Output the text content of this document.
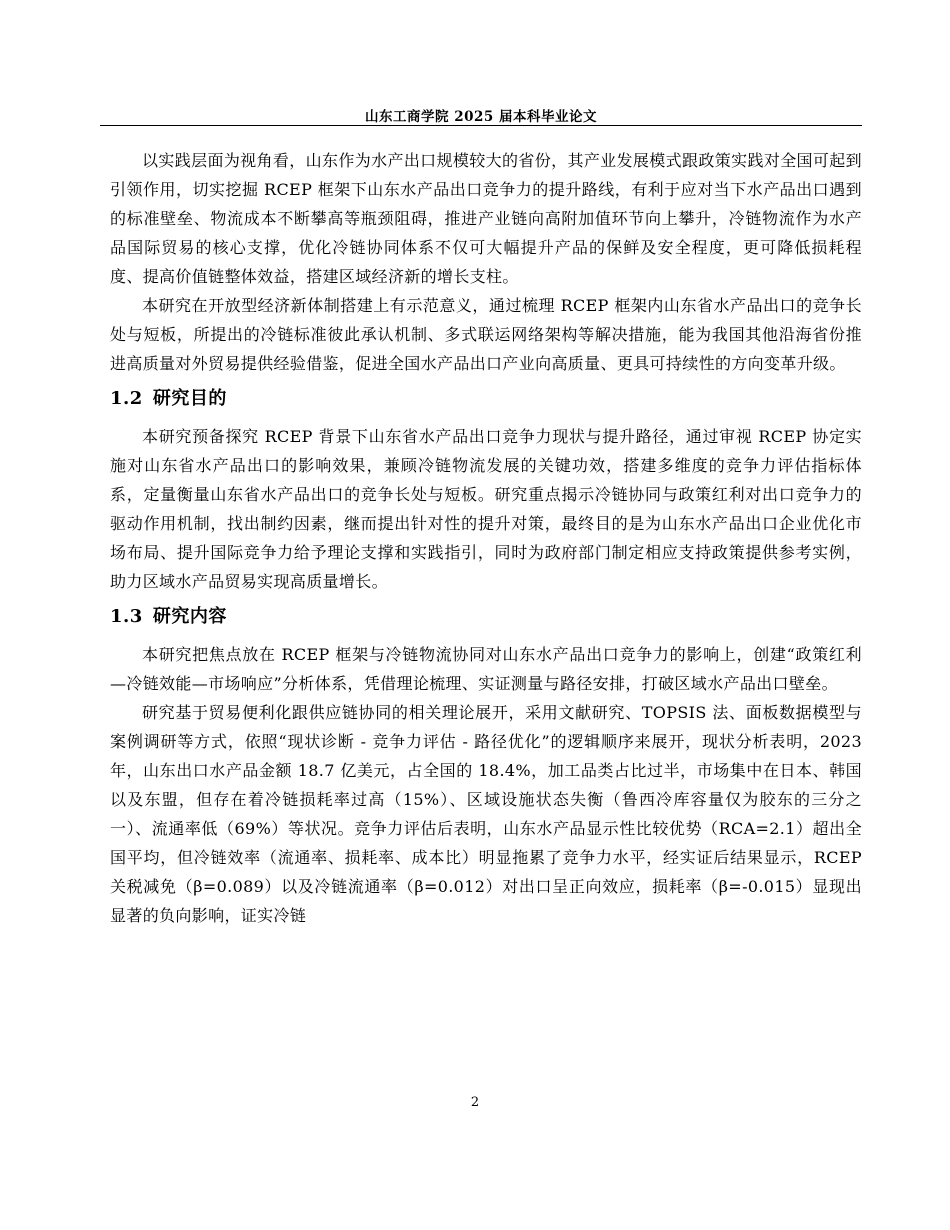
山东工商学院 2025 届本科毕业论文

以实践层面为视角看，山东作为水产出口规模较大的省份，其产业发展模式跟政策实践对全国可起到引领作用，切实挖掘 RCEP 框架下山东水产品出口竞争力的提升路线，有利于应对当下水产品出口遇到的标准壁垒、物流成本不断攀高等瓶颈阻碍，推进产业链向高附加值环节向上攀升，冷链物流作为水产品国际贸易的核心支撑，优化冷链协同体系不仅可大幅提升产品的保鲜及安全程度，更可降低损耗程度、提高价值链整体效益，搭建区域经济新的增长支柱。

本研究在开放型经济新体制搭建上有示范意义，通过梳理 RCEP 框架内山东省水产品出口的竞争长处与短板，所提出的冷链标准彼此承认机制、多式联运网络架构等解决措施，能为我国其他沿海省份推进高质量对外贸易提供经验借鉴，促进全国水产品出口产业向高质量、更具可持续性的方向变革升级。

1.2 研究目的

本研究预备探究 RCEP 背景下山东省水产品出口竞争力现状与提升路径，通过审视 RCEP 协定实施对山东省水产品出口的影响效果，兼顾冷链物流发展的关键功效，搭建多维度的竞争力评估指标体系，定量衡量山东省水产品出口的竞争长处与短板。研究重点揭示冷链协同与政策红利对出口竞争力的驱动作用机制，找出制约因素，继而提出针对性的提升对策，最终目的是为山东水产品出口企业优化市场布局、提升国际竞争力给予理论支撑和实践指引，同时为政府部门制定相应支持政策提供参考实例，助力区域水产品贸易实现高质量增长。

1.3 研究内容

本研究把焦点放在 RCEP 框架与冷链物流协同对山东水产品出口竞争力的影响上，创建“政策红利—冷链效能—市场响应”分析体系，凭借理论梳理、实证测量与路径安排，打破区域水产品出口壁垒。

研究基于贸易便利化跟供应链协同的相关理论展开，采用文献研究、TOPSIS 法、面板数据模型与案例调研等方式，依照“现状诊断 - 竞争力评估 - 路径优化”的逻辑顺序来展开，现状分析表明，2023 年，山东出口水产品金额 18.7 亿美元，占全国的 18.4%，加工品类占比过半，市场集中在日本、韩国以及东盟，但存在着冷链损耗率过高（15%）、区域设施状态失衡（鲁西冷库容量仅为胶东的三分之一）、流通率低（69%）等状况。竞争力评估后表明，山东水产品显示性比较优势（RCA=2.1）超出全国平均，但冷链效率（流通率、损耗率、成本比）明显拖累了竞争力水平，经实证后结果显示，RCEP 关税减免（β=0.089）以及冷链流通率（β=0.012）对出口呈正向效应，损耗率（β=-0.015）显现出显著的负向影响，证实冷链

2
